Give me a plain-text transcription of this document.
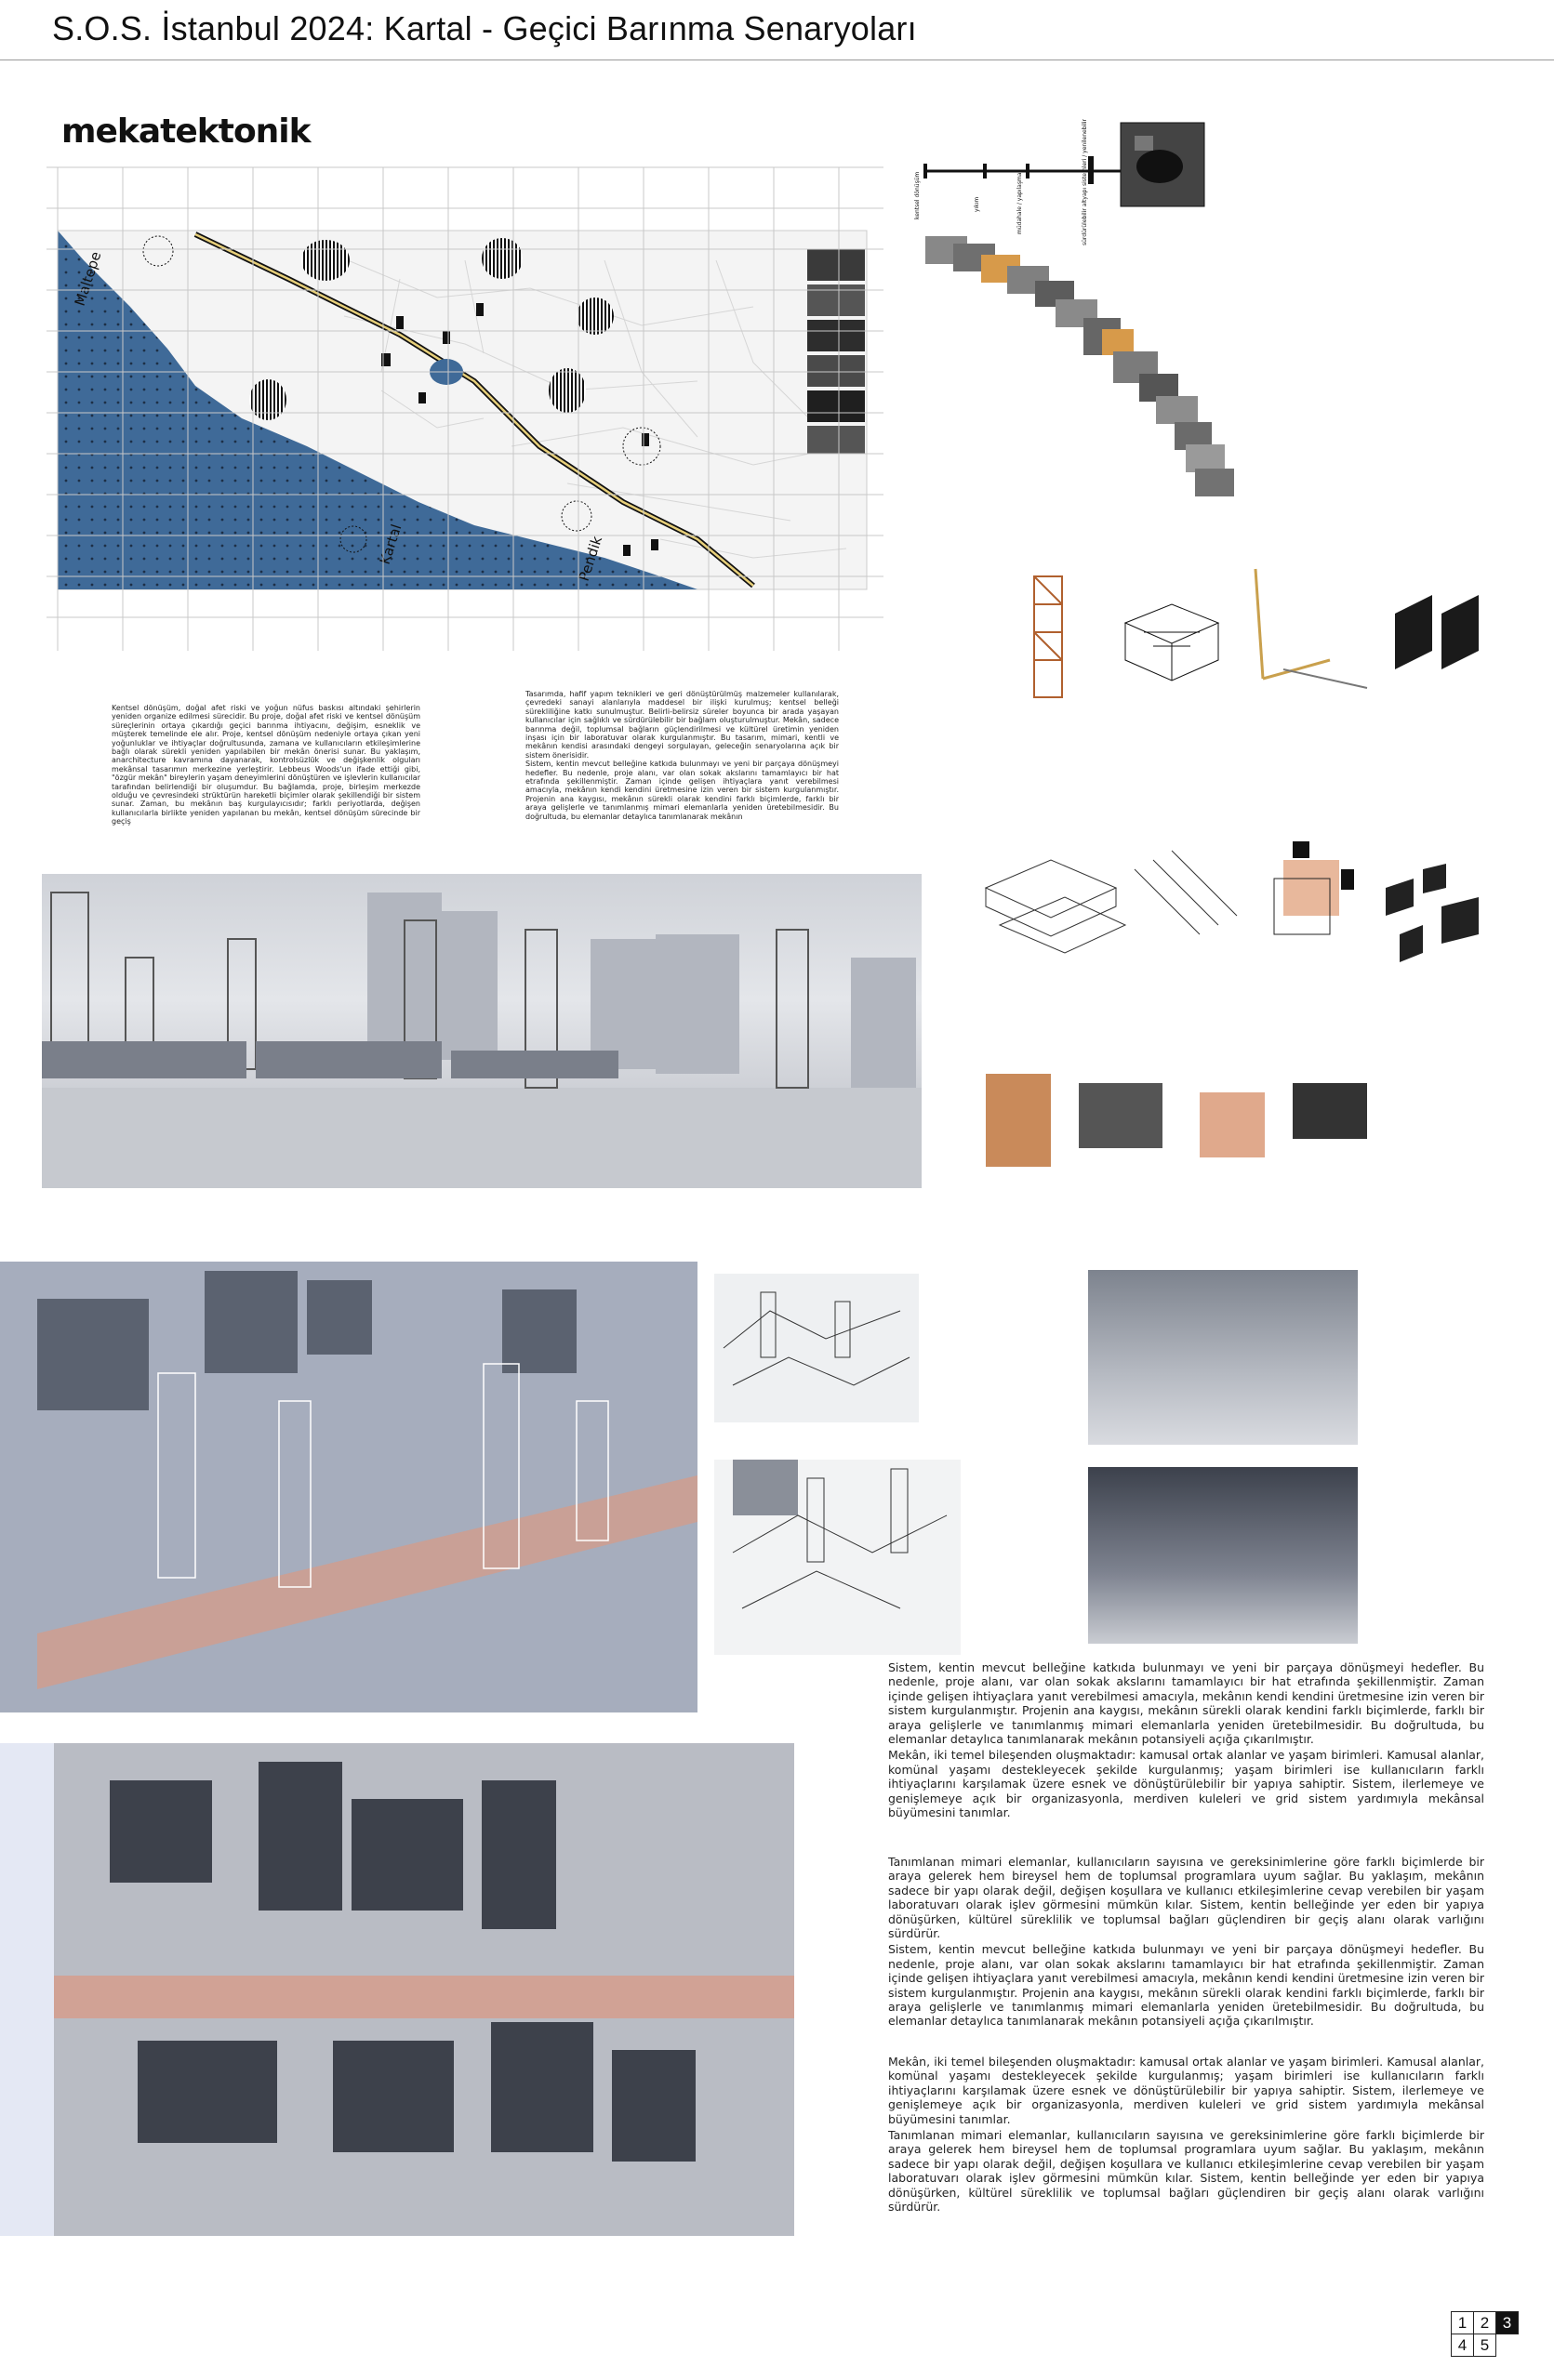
S.O.S. İstanbul 2024: Kartal - Geçici Barınma Senaryoları
mekatektonik
Maltepe
Kartal	Pendik
kentsel dönüşüm	yıkım	müdahale / yapılaşma	sürdürülebilir altyapı sistemleri / yenilenebilir

Kentsel dönüşüm, doğal afet riski ve yoğun nüfus baskısı altındaki şehirlerin yeniden organize edilmesi sürecidir. Bu proje, doğal afet riski ve kentsel dönüşüm süreçlerinin ortaya çıkardığı geçici barınma ihtiyacını, değişim, esneklik ve müşterek temelinde ele alır. Proje, kentsel dönüşüm nedeniyle ortaya çıkan yeni yoğunluklar ve ihtiyaçlar doğrultusunda, zamana ve kullanıcıların etkileşimlerine bağlı olarak sürekli yeniden yapılabilen bir mekân önerisi sunar. Bu yaklaşım, anarchitecture kavramına dayanarak, kontrolsüzlük ve değişkenlik olguları mekânsal tasarımın merkezine yerleştirir. Lebbeus Woods'un ifade ettiği gibi, "özgür mekân" bireylerin yaşam deneyimlerini dönüştüren ve işlevlerin kullanıcılar tarafından belirlendiği bir oluşumdur. Bu bağlamda, proje, birleşim merkezde olduğu ve çevresindeki strüktürün hareketli biçimler olarak şekillendiği bir sistem sunar. Zaman, bu mekânın baş kurgulayıcısıdır; farklı periyotlarda, değişen kullanıcılarla birlikte yeniden yapılanan bu mekân, kentsel dönüşüm sürecinde bir geçiş

Tasarımda, hafif yapım teknikleri ve geri dönüştürülmüş malzemeler kullanılarak, çevredeki sanayi alanlarıyla maddesel bir ilişki kurulmuş; kentsel belleği sürekliliğine katkı sunulmuştur. Belirli-belirsiz süreler boyunca bir arada yaşayan kullanıcılar için sağlıklı ve sürdürülebilir bir bağlam oluşturulmuştur. Mekân, sadece barınma değil, toplumsal bağların güçlendirilmesi ve kültürel üretimin yeniden inşası için bir laboratuvar olarak kurgulanmıştır. Bu tasarım, mimari, kentli ve mekânın kendisi arasındaki dengeyi sorgulayan, geleceğin senaryolarına açık bir sistem önerisidir.

Sistem, kentin mevcut belleğine katkıda bulunmayı ve yeni bir parçaya dönüşmeyi hedefler. Bu nedenle, proje alanı, var olan sokak akslarını tamamlayıcı bir hat etrafında şekillenmiştir. Zaman içinde gelişen ihtiyaçlara yanıt verebilmesi amacıyla, mekânın kendi kendini üretmesine izin veren bir sistem kurgulanmıştır. Projenin ana kaygısı, mekânın sürekli olarak kendini farklı biçimlerde, farklı bir araya gelişlerle ve tanımlanmış mimari elemanlarla yeniden üretebilmesidir. Bu doğrultuda, bu elemanlar detaylıca tanımlanarak mekânın

Sistem, kentin mevcut belleğine katkıda bulunmayı ve yeni bir parçaya dönüşmeyi hedefler. Bu nedenle, proje alanı, var olan sokak akslarını tamamlayıcı bir hat etrafında şekillenmiştir. Zaman içinde gelişen ihtiyaçlara yanıt verebilmesi amacıyla, mekânın kendi kendini üretmesine izin veren bir sistem kurgulanmıştır. Projenin ana kaygısı, mekânın sürekli olarak kendini farklı biçimlerde, farklı bir araya gelişlerle ve tanımlanmış mimari elemanlarla yeniden üretebilmesidir. Bu doğrultuda, bu elemanlar detaylıca tanımlanarak mekânın potansiyeli açığa çıkarılmıştır.

Mekân, iki temel bileşenden oluşmaktadır: kamusal ortak alanlar ve yaşam birimleri. Kamusal alanlar, komünal yaşamı destekleyecek şekilde kurgulanmış; yaşam birimleri ise kullanıcıların farklı ihtiyaçlarını karşılamak üzere esnek ve dönüştürülebilir bir yapıya sahiptir. Sistem, ilerlemeye ve genişlemeye açık bir organizasyonla, merdiven kuleleri ve grid sistem yardımıyla mekânsal büyümesini tanımlar.

Tanımlanan mimari elemanlar, kullanıcıların sayısına ve gereksinimlerine göre farklı biçimlerde bir araya gelerek hem bireysel hem de toplumsal programlara uyum sağlar. Bu yaklaşım, mekânın sadece bir yapı olarak değil, değişen koşullara ve kullanıcı etkileşimlerine cevap verebilen bir yaşam laboratuvarı olarak işlev görmesini mümkün kılar. Sistem, kentin belleğinde yer eden bir yapıya dönüşürken, kültürel süreklilik ve toplumsal bağları güçlendiren bir geçiş alanı olarak varlığını sürdürür.

Sistem, kentin mevcut belleğine katkıda bulunmayı ve yeni bir parçaya dönüşmeyi hedefler. Bu nedenle, proje alanı, var olan sokak akslarını tamamlayıcı bir hat etrafında şekillenmiştir. Zaman içinde gelişen ihtiyaçlara yanıt verebilmesi amacıyla, mekânın kendi kendini üretmesine izin veren bir sistem kurgulanmıştır. Projenin ana kaygısı, mekânın sürekli olarak kendini farklı biçimlerde, farklı bir araya gelişlerle ve tanımlanmış mimari elemanlarla yeniden üretebilmesidir. Bu doğrultuda, bu elemanlar detaylıca tanımlanarak mekânın potansiyeli açığa çıkarılmıştır.

Mekân, iki temel bileşenden oluşmaktadır: kamusal ortak alanlar ve yaşam birimleri. Kamusal alanlar, komünal yaşamı destekleyecek şekilde kurgulanmış; yaşam birimleri ise kullanıcıların farklı ihtiyaçlarını karşılamak üzere esnek ve dönüştürülebilir bir yapıya sahiptir. Sistem, ilerlemeye ve genişlemeye açık bir organizasyonla, merdiven kuleleri ve grid sistem yardımıyla mekânsal büyümesini tanımlar.

Tanımlanan mimari elemanlar, kullanıcıların sayısına ve gereksinimlerine göre farklı biçimlerde bir araya gelerek hem bireysel hem de toplumsal programlara uyum sağlar. Bu yaklaşım, mekânın sadece bir yapı olarak değil, değişen koşullara ve kullanıcı etkileşimlerine cevap verebilen bir yaşam laboratuvarı olarak işlev görmesini mümkün kılar. Sistem, kentin belleğinde yer eden bir yapıya dönüşürken, kültürel süreklilik ve toplumsal bağları güçlendiren bir geçiş alanı olarak varlığını sürdürür.

1 2 3
4 5
